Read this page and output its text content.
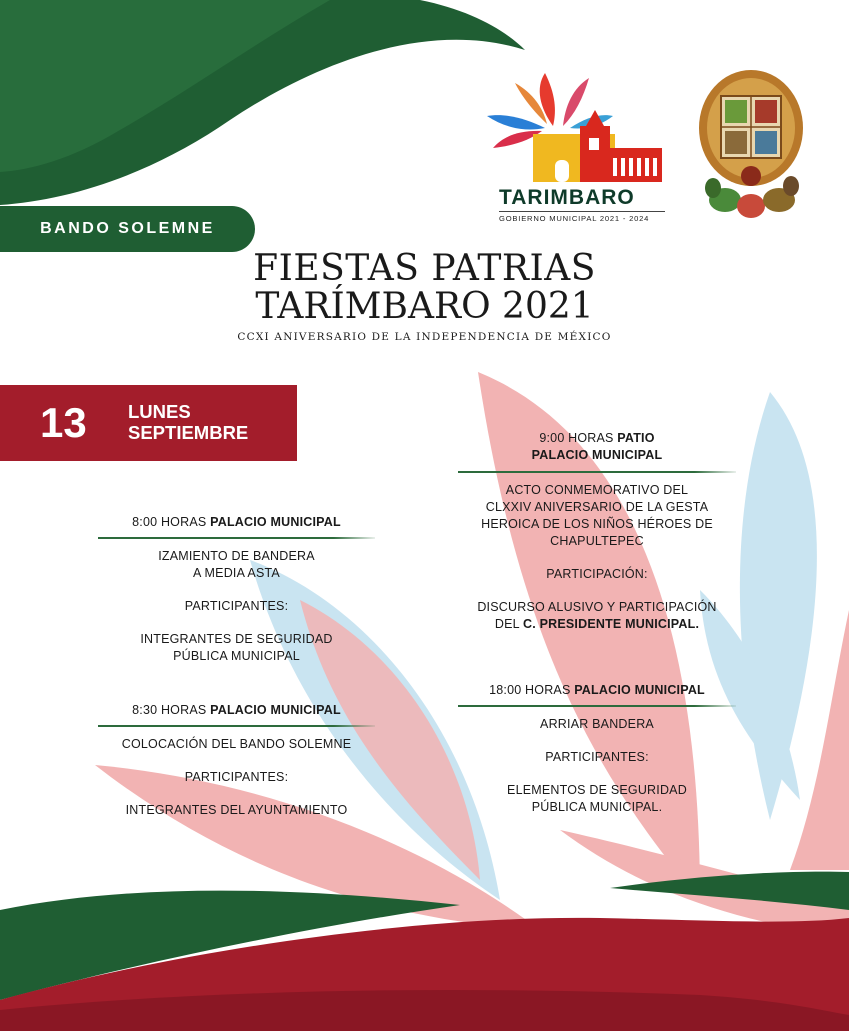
TARIMBARO
GOBIERNO MUNICIPAL 2021 - 2024
BANDO SOLEMNE
FIESTAS PATRIAS
TARÍMBARO 2021
CCXI ANIVERSARIO DE LA INDEPENDENCIA DE MÉXICO
13 LUNES
SEPTIEMBRE

8:00 HORAS PALACIO MUNICIPAL

IZAMIENTO DE BANDERA

A MEDIA ASTA

PARTICIPANTES:

INTEGRANTES DE SEGURIDAD

PÚBLICA MUNICIPAL

8:30 HORAS PALACIO MUNICIPAL

COLOCACIÓN DEL BANDO SOLEMNE

PARTICIPANTES:

INTEGRANTES DEL AYUNTAMIENTO

9:00 HORAS PATIO

PALACIO MUNICIPAL

ACTO CONMEMORATIVO DEL

CLXXIV ANIVERSARIO DE LA GESTA

HEROICA DE LOS NIÑOS HÉROES DE

CHAPULTEPEC

PARTICIPACIÓN:

DISCURSO ALUSIVO Y PARTICIPACIÓN

DEL C. PRESIDENTE MUNICIPAL.

18:00 HORAS PALACIO MUNICIPAL

ARRIAR BANDERA

PARTICIPANTES:

ELEMENTOS DE SEGURIDAD

PÚBLICA MUNICIPAL.
